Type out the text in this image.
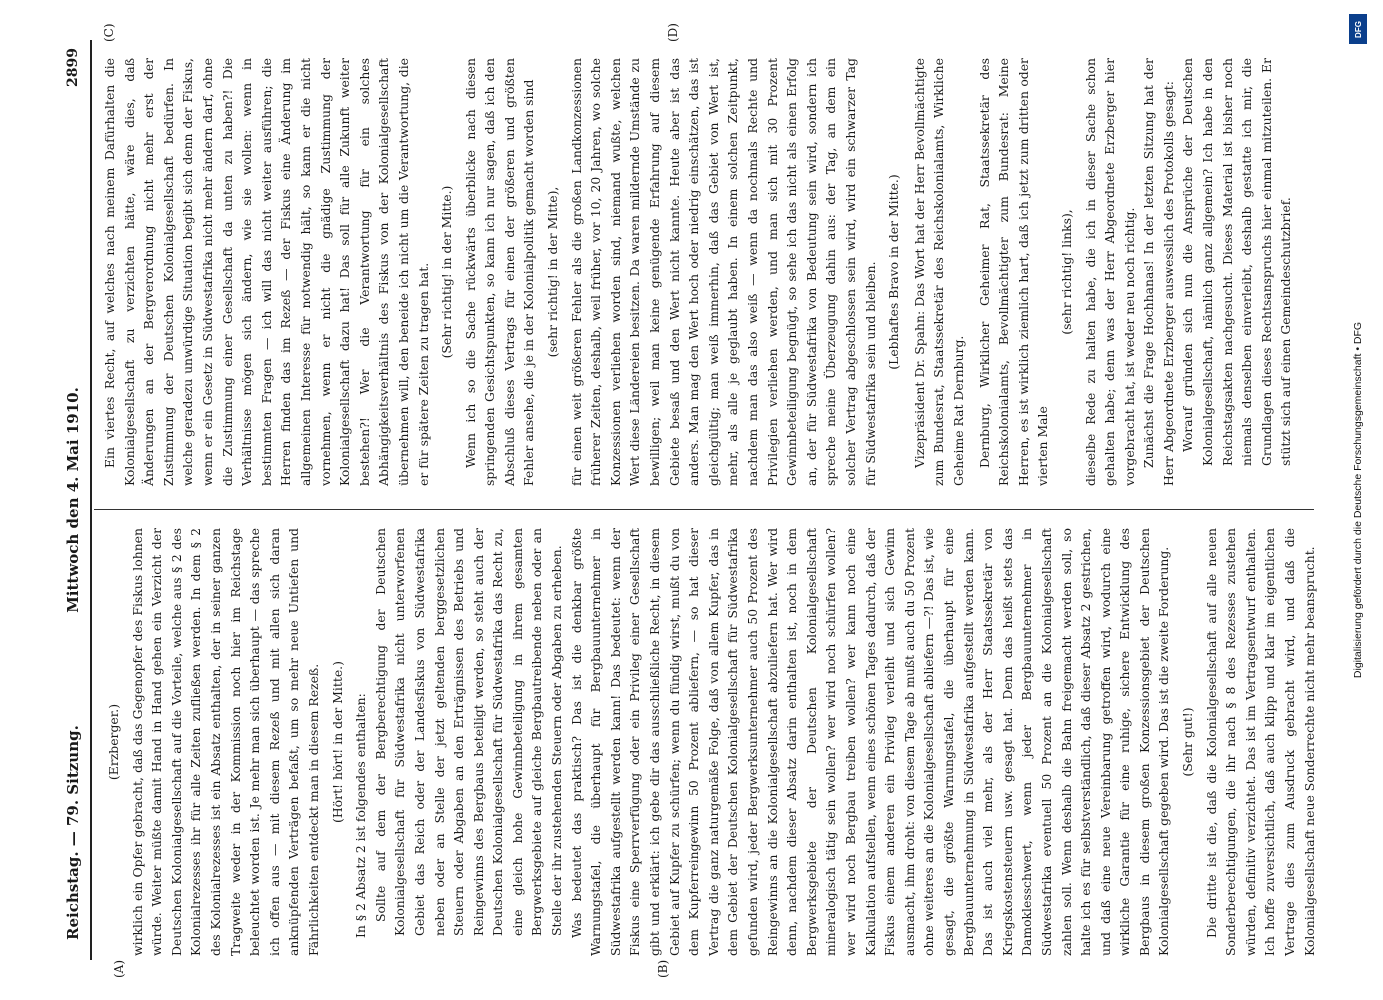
Reichstag. — 79. Sitzung.
Mittwoch den 4. Mai 1910.
2899
(A)	(B)
(C)	(D)

(Erzberger.) wirklich ein Opfer gebracht, daß das Gegenopfer des Fiskus lohnen würde. Weiter müßte damit Hand in Hand gehen ein Verzicht der Deutschen Kolonialgesellschaft auf die Vorteile, welche aus § 2 des Kolonialrezesses ihr für alle Zeiten zufließen werden. In dem § 2 des Kolonialrezesses ist ein Absatz enthalten, der in seiner ganzen Tragweite weder in der Kommission noch hier im Reichstage beleuchtet worden ist. Je mehr man sich überhaupt — das spreche ich offen aus — mit diesem Rezeß und mit allen sich daran anknüpfenden Verträgen befaßt, um so mehr neue Untiefen und Fährlichkeiten entdeckt man in diesem Rezeß. (Hört! hört! in der Mitte.) In § 2 Absatz 2 ist folgendes enthalten: Sollte auf dem der Bergberechtigung der Deutschen Kolonialgesellschaft für Südwestafrika nicht unterworfenen Gebiet das Reich oder der Landesfiskus von Südwestafrika neben oder an Stelle der jetzt geltenden berggesetzlichen Steuern oder Abgaben an den Erträgnissen des Betriebs und Reingewinns des Bergbaus beteiligt werden, so steht auch der Deutschen Kolonialgesellschaft für Südwestafrika das Recht zu, eine gleich hohe Gewinnbeteiligung in ihrem gesamten Bergwerksgebiete auf gleiche Bergbautreibende neben oder an Stelle der ihr zustehenden Steuern oder Abgaben zu erheben. Was bedeutet das praktisch? Das ist die denkbar größte Warnungstafel, die überhaupt für Bergbauunternehmer in Südwestafrika aufgestellt werden kann! Das bedeutet: wenn der Fiskus eine Sperrverfügung oder ein Privileg einer Gesellschaft gibt und erklärt: ich gebe dir das ausschließliche Recht, in diesem Gebiet auf Kupfer zu schürfen; wenn du fündig wirst, mußt du von dem Kupferreingewinn 50 Prozent abliefern, — so hat dieser Vertrag die ganz naturgemäße Folge, daß von allem Kupfer, das in dem Gebiet der Deutschen Kolonialgesellschaft für Südwestafrika gefunden wird, jeder Bergwerksunternehmer auch 50 Prozent des Reingewinns an die Kolonialgesellschaft abzuliefern hat. Wer wird denn, nachdem dieser Absatz darin enthalten ist, noch in dem Bergwerksgebiete der Deutschen Kolonialgesellschaft mineralogisch tätig sein wollen? wer wird noch schürfen wollen? wer wird noch Bergbau treiben wollen? wer kann noch eine Kalkulation aufstellen, wenn eines schönen Tages dadurch, daß der Fiskus einem anderen ein Privileg verleiht und sich Gewinn ausmacht, ihm droht: von diesem Tage ab mußt auch du 50 Prozent ohne weiteres an die Kolonialgesellschaft abliefern —?! Das ist, wie gesagt, die größte Warnungstafel, die überhaupt für eine Bergbauunternehmung in Südwestafrika aufgestellt werden kann. Das ist auch viel mehr, als der Herr Staatssekretär von Kriegskostensteuern usw. gesagt hat. Denn das heißt stets das Damoklesschwert, wenn jeder Bergbauunternehmer in Südwestafrika eventuell 50 Prozent an die Kolonialgesellschaft zahlen soll. Wenn deshalb die Bahn freigemacht werden soll, so halte ich es für selbstverständlich, daß dieser Absatz 2 gestrichen, und daß eine neue Vereinbarung getroffen wird, wodurch eine wirkliche Garantie für eine ruhige, sichere Entwicklung des Bergbaus in diesem großen Konzessionsgebiet der Deutschen Kolonialgesellschaft gegeben wird. Das ist die zweite Forderung. (Sehr gut!) Die dritte ist die, daß die Kolonialgesellschaft auf alle neuen Sonderberechtigungen, die ihr nach § 8 des Rezesses zustehen würden, definitiv verzichtet. Das ist im Vertragsentwurf enthalten. Ich hoffe zuversichtlich, daß auch klipp und klar im eigentlichen Vertrage dies zum Ausdruck gebracht wird, und daß die Kolonialgesellschaft neue Sonderrechte nicht mehr beansprucht.

Ein viertes Recht, auf welches nach meinem Dafürhalten die Kolonialgesellschaft zu verzichten hätte, wäre dies, daß Änderungen an der Bergverordnung nicht mehr erst der Zustimmung der Deutschen Kolonialgesellschaft bedürfen. In welche geradezu unwürdige Situation begibt sich denn der Fiskus, wenn er ein Gesetz in Südwestafrika nicht mehr ändern darf, ohne die Zustimmung einer Gesellschaft da unten zu haben?! Die Verhältnisse mögen sich ändern, wie sie wollen: wenn in bestimmten Fragen — ich will das nicht weiter ausführen; die Herren finden das im Rezeß — der Fiskus eine Änderung im allgemeinen Interesse für notwendig hält, so kann er die nicht vornehmen, wenn er nicht die gnädige Zustimmung der Kolonialgesellschaft dazu hat! Das soll für alle Zukunft weiter bestehen?! Wer die Verantwortung für ein solches Abhängigkeitsverhältnis des Fiskus von der Kolonialgesellschaft übernehmen will, den beneide ich nicht um die Verantwortung, die er für spätere Zeiten zu tragen hat. (Sehr richtig! in der Mitte.) Wenn ich so die Sache rückwärts überblicke nach diesen springenden Gesichtspunkten, so kann ich nur sagen, daß ich den Abschluß dieses Vertrags für einen der größeren und größten Fehler ansehe, die je in der Kolonialpolitik gemacht worden sind (sehr richtig! in der Mitte), für einen weit größeren Fehler als die großen Landkonzessionen früherer Zeiten, deshalb, weil früher, vor 10, 20 Jahren, wo solche Konzessionen verliehen worden sind, niemand wußte, welchen Wert diese Ländereien besitzen. Da waren mildernde Umstände zu bewilligen; weil man keine genügende Erfahrung auf diesem Gebiete besaß und den Wert nicht kannte. Heute aber ist das anders. Man mag den Wert hoch oder niedrig einschätzen, das ist gleichgültig; man weiß immerhin, daß das Gebiet von Wert ist, mehr, als alle je geglaubt haben. In einem solchen Zeitpunkt, nachdem man das also weiß — wenn da nochmals Rechte und Privilegien verliehen werden, und man sich mit 30 Prozent Gewinnbeteiligung begnügt, so sehe ich das nicht als einen Erfolg an, der für Südwestafrika von Bedeutung sein wird, sondern ich spreche meine Überzeugung dahin aus: der Tag, an dem ein solcher Vertrag abgeschlossen sein wird, wird ein schwarzer Tag für Südwestafrika sein und bleiben. (Lebhaftes Bravo in der Mitte.) Vizepräsident Dr. Spahn: Das Wort hat der Herr Bevollmächtigte zum Bundesrat, Staatssekretär des Reichskolonialamts, Wirkliche Geheime Rat Dernburg. Dernburg, Wirklicher Geheimer Rat, Staatssekretär des Reichskolonialamts, Bevollmächtigter zum Bundesrat: Meine Herren, es ist wirklich ziemlich hart, daß ich jetzt zum dritten oder vierten Male

(sehr richtig! links), dieselbe Rede zu halten habe, die ich in dieser Sache schon gehalten habe; denn was der Herr Abgeordnete Erzberger hier vorgebracht hat, ist weder neu noch richtig. Zunächst die Frage Hochhanas! In der letzten Sitzung hat der Herr Abgeordnete Erzberger auswesslich des Protokolls gesagt: Worauf gründen sich nun die Ansprüche der Deutschen Kolonialgesellschaft, nämlich ganz allgemein? Ich habe in den Reichstagsakten nachgesucht. Dieses Material ist bisher noch niemals denselben einverleibt, deshalb gestatte ich mir, die Grundlagen dieses Rechtsanspruchs hier einmal mitzuteilen. Er stützt sich auf einen Gemeindeschutzbrief.

DFG
Digitalisierung gefördert durch die Deutsche Forschungsgemeinschaft • DFG
